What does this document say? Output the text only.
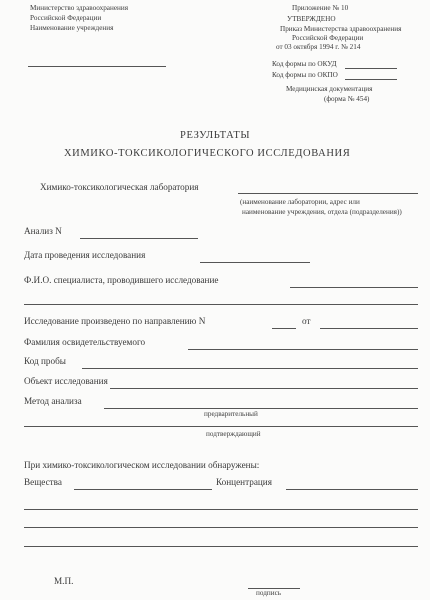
Министерство здравоохранения
Российской Федерации
Наименование учреждения
Приложение № 10
УТВЕРЖДЕНО
Приказ Министерства здравоохранения
Российской Федерации
от 03 октября 1994 г. № 214
Код формы по ОКУД
Код формы по ОКПО
Медицинская документация
(форма № 454)
РЕЗУЛЬТАТЫ
ХИМИКО-ТОКСИКОЛОГИЧЕСКОГО ИССЛЕДОВАНИЯ
Химико-токсикологическая лаборатория
(наименование лаборатории, адрес или
наименование учреждения, отдела (подразделения))
Анализ N
Дата проведения исследования
Ф.И.О. специалиста, проводившего исследование
Исследование произведено по направлению N	от
Фамилия освидетельствуемого
Код пробы
Объект исследования
Метод анализа
предварительный
подтверждающий
При химико-токсикологическом исследовании обнаружены:
Вещества	Концентрация
М.П.
подпись
